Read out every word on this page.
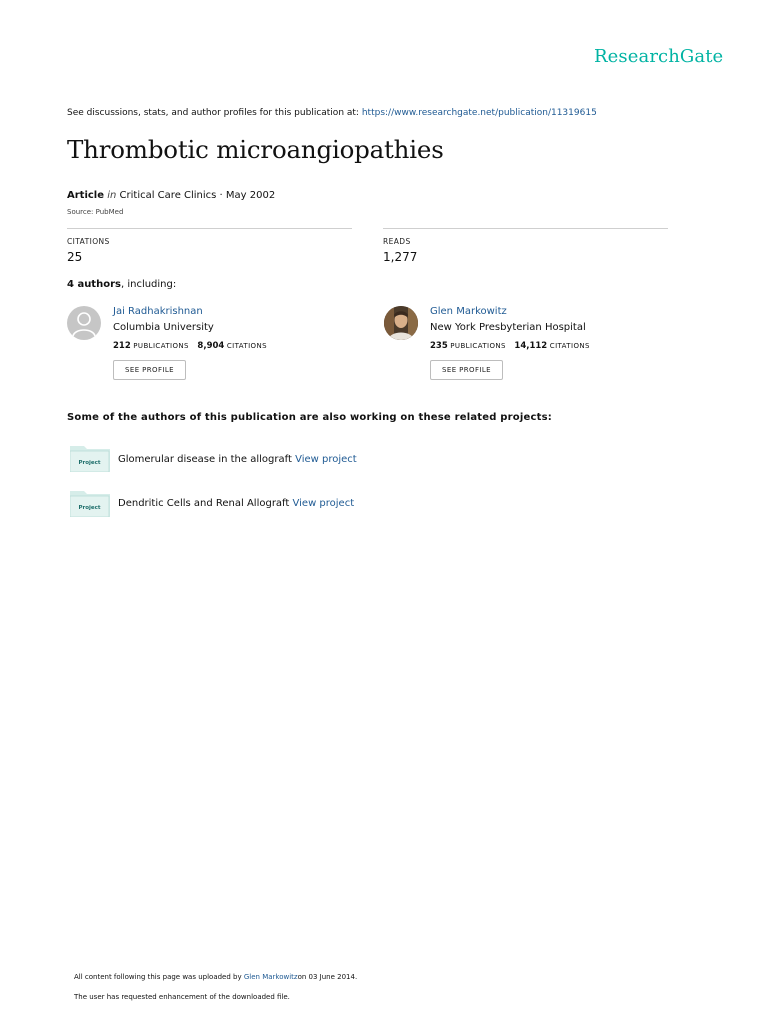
ResearchGate
See discussions, stats, and author profiles for this publication at: https://www.researchgate.net/publication/11319615
Thrombotic microangiopathies
Article in Critical Care Clinics · May 2002
Source: PubMed
CITATIONS
25
READS
1,277
4 authors, including:
Jai Radhakrishnan
Columbia University
212 PUBLICATIONS 8,904 CITATIONS
SEE PROFILE
Glen Markowitz
New York Presbyterian Hospital
235 PUBLICATIONS 14,112 CITATIONS
SEE PROFILE
Some of the authors of this publication are also working on these related projects:
Project Glomerular disease in the allograft View project
Project Dendritic Cells and Renal Allograft View project
All content following this page was uploaded by Glen Markowitzon 03 June 2014.
The user has requested enhancement of the downloaded file.
